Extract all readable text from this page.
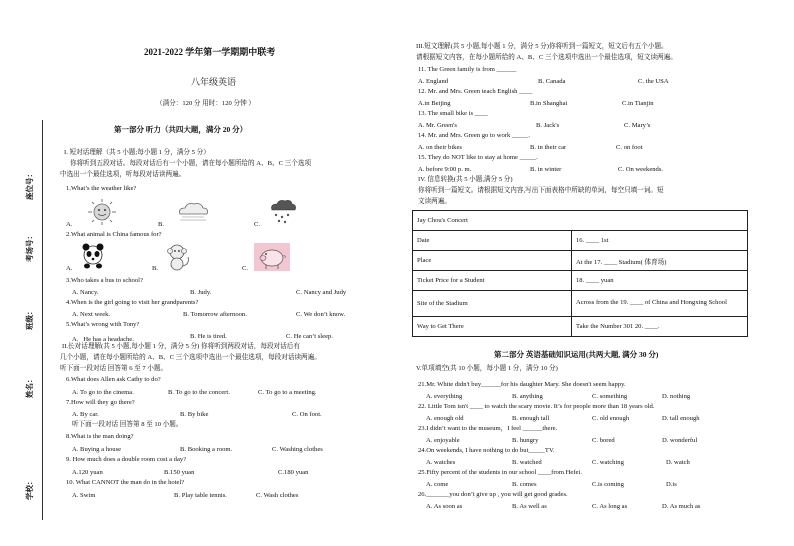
学校：
姓名：
班级：
考场号：
座位号：
2021-2022 学年第一学期期中联考
八年级英语
（满分：120 分 用时：120 分钟 ）
第一部分 听力（共四大题，满分 20 分）
I. 短对话理解（共 5 小题;每小题 1 分，满分 5 分）
你将听到五段对话。每段对话后有一个小题，请在每小题所给的 A、B、C 三个选项
中选出一个最佳选项，听每段对话读两遍。
1.What’s the weather like?
A.	B.	C.
2.What animal is China famous for?
A.	B.	C.
3.Who takes a bus to school?
A. Nancy.	B. Judy.	C. Nancy and Judy
4.When is the girl going to visit her grandparents?
A. Next week.	B. Tomorrow afternoon.	C. We don’t know.
5.What’s wrong with Tony?
A．He has a headache.	B. He is tired.	C. He can’t sleep.
II.长对话理解(共 5 小题,每小题 1 分，满分 5 分) 你将听到两段对话，每段对话后有
几个小题，请在每小题所给的 A、B、C 三个选项中选出一个最佳选项，每段对话读两遍。
听下面一段对话 回答第 6 至 7 小题。
6.What does Allen ask Cathy to do?
A. To go to the cinema.	B. To go to the concert.	C. To go to a meeting.
7.How will they go there?
A. By car.	B. By bike	C. On foot.
听下面一段对话 回答第 8 至 10 小题。
8.What is the man doing?
A. Buying a house	B. Booking a room.	C. Washing clothes
9. How much does a double room cost a day?
A.120 yuan	B.150 yuan	C.180 yuan
10. What CANNOT the man do in the hotel?
A. Swim	B. Play table tennis.	C. Wash clothes
III.短文理解(共 5 小题,每小题 1 分，满分 5 分)你将听到一篇短文，短文后有五个小题。
请根据短文内容，在每小题所给的 A、B、C 三个选项中选出一个最佳选项，短文读两遍。
11. The Green family is from ______
A. England	B. Canada	C. the USA
12. Mr. and Mrs. Green teach English ____
A.in Beijing	B.in Shanghai	C.in Tianjin
13. The small bike is ____
A. Mr. Green's	B. Jack's	C. Mary’s
14. Mr. and Mrs. Green go to work _____.
A. on their bikes	B. in their car	C. on foot
15. They do NOT like to stay at home _____.
A. before 9:00 p. m.	B. in winter	C. On weekends.
IV. 信息转换(共 5 小题,满分 5 分)
你将听到一篇短文。请根据短文内容,写出下面表格中所缺的单词，每空只填一词。短
文读两遍。
Jay Chou's Concert	
Date	16. ____ 1st
Place	At the 17. ____ Stadium( 体育场)
Ticket Price for a Student	18. ____ yuan
Site of the Stadium	Across from the 19. ____ of China and Hongxing School
Way to Get There	Take the Number 301 20. ____.
第二部分 英语基础知识运用(共两大题, 满分 30 分)
V.单项填空(共 10 小题，每小题 1 分，满分 10 分)
21.Mr. White didn't buy______for his daughter Mary. She doesn't seem happy.
A. everything	B. anything	C. something	D. nothing
22. Little Tom isn't ____ to watch the scary movie. It’s for people more than 18 years old.
A. enough old	B. enough tall	C. old enough	D. tall enough
23.I didn’t want to the museum，I feel ______there.
A. enjoyable	B. hungry	C. bored	D. wonderful
24.On weekends, I have nothing to do but_____TV.
A. watches	B. watched	C. watching	D. watch
25.Fifty percent of the students in our school ____from Hefei.
A. come	B. comes	C.is coming	D.is
26._______you don’t give up , you will get good grades.
A. As soon as	B. As well as	C. As long as	D. As much as
